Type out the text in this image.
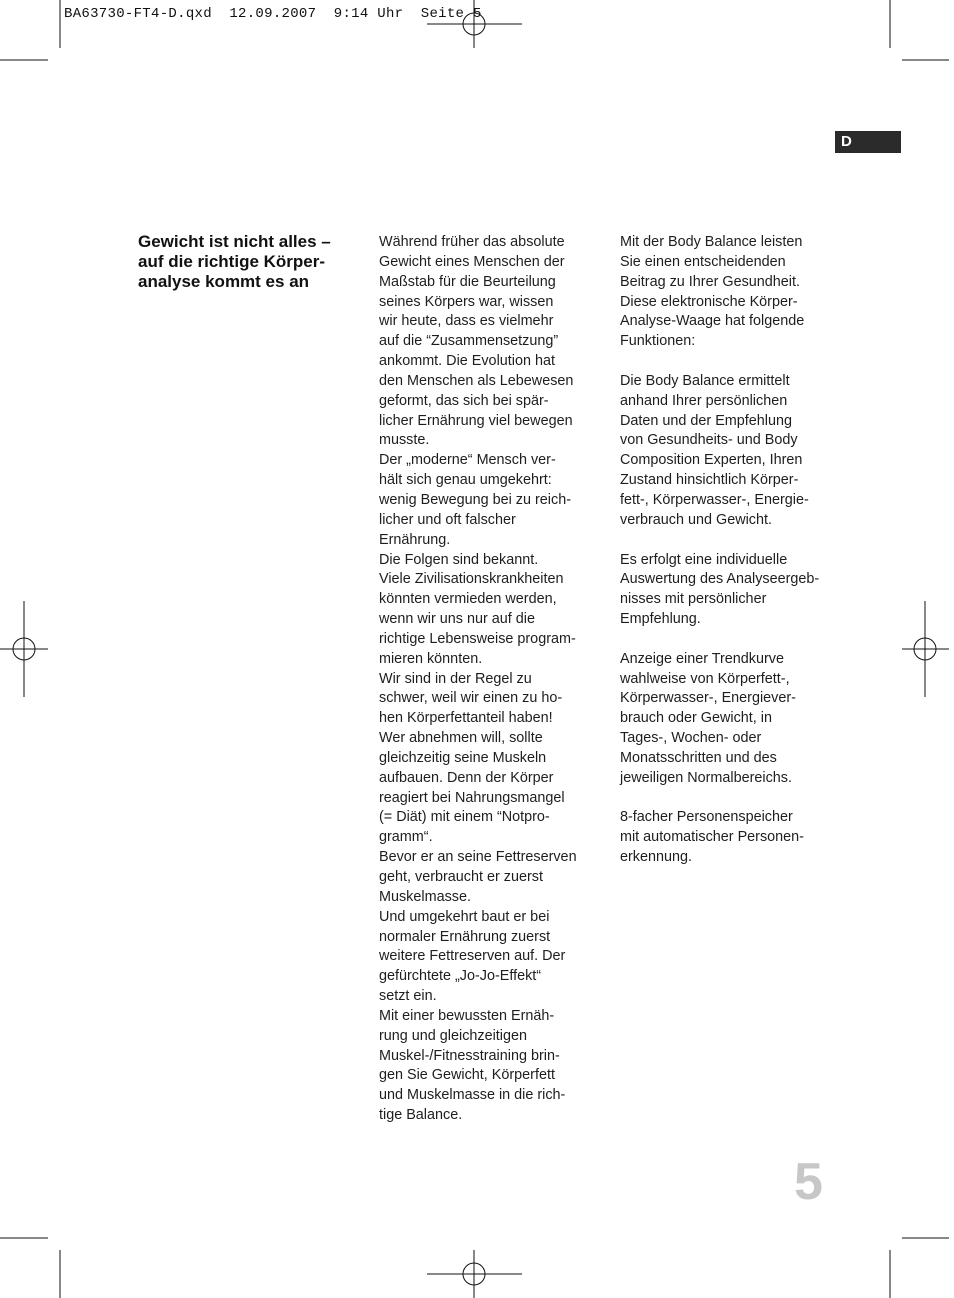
BA63730-FT4-D.qxd  12.09.2007  9:14 Uhr  Seite 5
D
Gewicht ist nicht alles –
auf die richtige Körper-
analyse kommt es an

Während früher das absolute

Gewicht eines Menschen der

Maßstab für die Beurteilung

seines Körpers war, wissen

wir heute, dass es vielmehr

auf die “Zusammensetzung”

ankommt. Die Evolution hat

den Menschen als Lebewesen

geformt, das sich bei spär-

licher Ernährung viel bewegen

musste.

Der „moderne“ Mensch ver-

hält sich genau umgekehrt:

wenig Bewegung bei zu reich-

licher und oft falscher

Ernährung.

Die Folgen sind bekannt.

Viele Zivilisationskrankheiten

könnten vermieden werden,

wenn wir uns nur auf die

richtige Lebensweise program-

mieren könnten.

Wir sind in der Regel zu

schwer, weil wir einen zu ho-

hen Körperfettanteil haben!

Wer abnehmen will, sollte

gleichzeitig seine Muskeln

aufbauen. Denn der Körper

reagiert bei Nahrungsmangel

(= Diät) mit einem “Notpro-

gramm“.

Bevor er an seine Fettreserven

geht, verbraucht er zuerst

Muskelmasse.

Und umgekehrt baut er bei

normaler Ernährung zuerst

weitere Fettreserven auf. Der

gefürchtete „Jo-Jo-Effekt“

setzt ein.

Mit einer bewussten Ernäh-

rung und gleichzeitigen

Muskel-/Fitnesstraining brin-

gen Sie Gewicht, Körperfett

und Muskelmasse in die rich-

tige Balance.

Mit der Body Balance leisten

Sie einen entscheidenden

Beitrag zu Ihrer Gesundheit.

Diese elektronische Körper-

Analyse-Waage hat folgende

Funktionen:

Die Body Balance ermittelt

anhand Ihrer persönlichen

Daten und der Empfehlung

von Gesundheits- und Body

Composition Experten, Ihren

Zustand hinsichtlich Körper-

fett-, Körperwasser-, Energie-

verbrauch und Gewicht.

Es erfolgt eine individuelle

Auswertung des Analyseergeb-

nisses mit persönlicher

Empfehlung.

Anzeige einer Trendkurve

wahlweise von Körperfett-,

Körperwasser-, Energiever-

brauch oder Gewicht, in

Tages-, Wochen- oder

Monatsschritten und des

jeweiligen Normalbereichs.

8-facher Personenspeicher

mit automatischer Personen-

erkennung.

5
